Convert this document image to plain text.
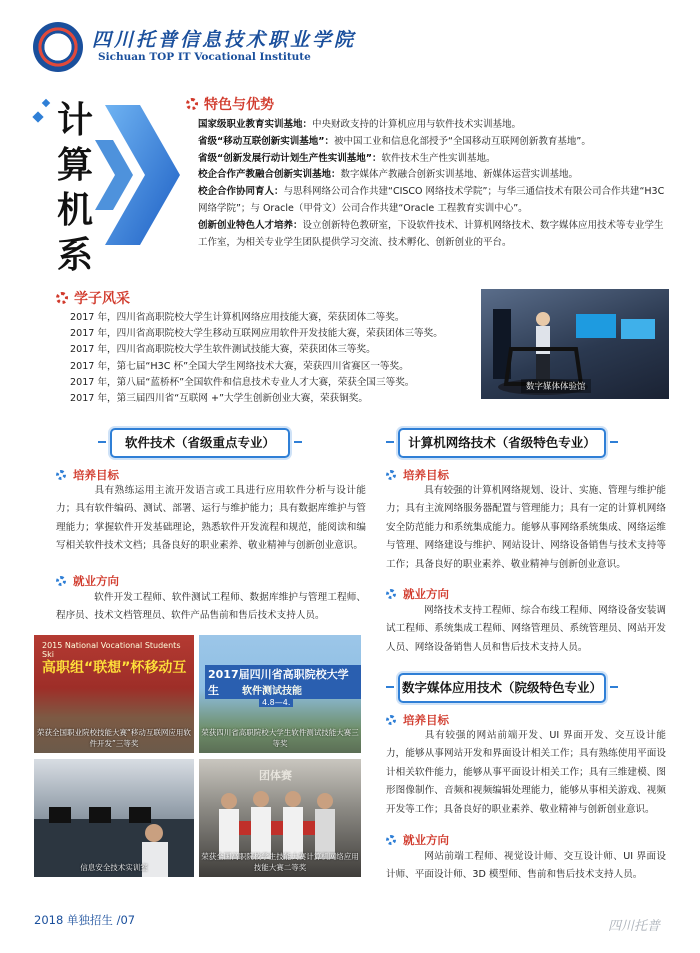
四川托普信息技术职业学院
Sichuan TOP IT Vocational Institute
计
算
机
系
特色与优势

国家级职业教育实训基地：中央财政支持的计算机应用与软件技术实训基地。

省级“移动互联创新实训基地”：被中国工业和信息化部授予“全国移动互联网创新教育基地”。

省级“创新发展行动计划生产性实训基地”：软件技术生产性实训基地。

校企合作产教融合创新实训基地：数字媒体产教融合创新实训基地、新媒体运营实训基地。

校企合作协同育人：与思科网络公司合作共建“CISCO 网络技术学院”；与华三通信技术有限公司合作共建“H3C 网络学院”；与 Oracle（甲骨文）公司合作共建“Oracle 工程教育实训中心”。

创新创业特色人才培养：设立创新特色教研室，下设软件技术、计算机网络技术、数字媒体应用技术等专业学生工作室，为相关专业学生团队提供学习交流、技术孵化、创新创业的平台。

学子风采

2017 年，四川省高职院校大学生计算机网络应用技能大赛，荣获团体二等奖。

2017 年，四川省高职院校大学生移动互联网应用软件开发技能大赛，荣获团体三等奖。

2017 年，四川省高职院校大学生软件测试技能大赛，荣获团体三等奖。

2017 年，第七届“H3C 杯”全国大学生网络技术大赛，荣获四川省赛区一等奖。

2017 年，第八届“蓝桥杯”全国软件和信息技术专业人才大赛，荣获全国三等奖。

2017 年，第三届四川省“互联网 +”大学生创新创业大赛，荣获铜奖。

数字媒体体验馆
软件技术（省级重点专业）
培养目标
具有熟练运用主流开发语言或工具进行应用软件分析与设计能力；具有软件编码、测试、部署、运行与维护能力；具有数据库维护与管理能力；掌握软件开发基础理论，熟悉软件开发流程和规范，能阅读和编写相关软件技术文档；具备良好的职业素养、敬业精神与创新创业意识。
就业方向
软件开发工程师、软件测试工程师、数据库维护与管理工程师、程序员、技术文档管理员、软件产品售前和售后技术支持人员。
2015 National Vocational Students Ski
高职组“联想”杯移动互
荣获全国职业院校技能大赛“移动互联网应用软件开发”三等奖
2017届四川省高职院校大学生	软件测试技能
4.8—4.
荣获四川省高职院校大学生软件测试技能大赛三等奖
信息安全技术实训室
团体赛
荣获全国高职院校学生技能大赛计算机网络应用技能大赛二等奖
计算机网络技术（省级特色专业）
培养目标
具有较强的计算机网络规划、设计、实施、管理与维护能力；具有主流网络服务器配置与管理能力；具有一定的计算机网络安全防范能力和系统集成能力。能够从事网络系统集成、网络运维与管理、网络建设与维护、网站设计、网络设备销售与技术支持等工作；具备良好的职业素养、敬业精神与创新创业意识。
就业方向
网络技术支持工程师、综合布线工程师、网络设备安装调试工程师、系统集成工程师、网络管理员、系统管理员、网站开发人员、网络设备销售人员和售后技术支持人员。
数字媒体应用技术（院级特色专业）
培养目标
具有较强的网站前端开发、UI 界面开发、交互设计能力，能够从事网站开发和界面设计相关工作；具有熟练使用平面设计相关软件能力，能够从事平面设计相关工作；具有三维建模、图形图像制作、音频和视频编辑处理能力，能够从事相关游戏、视频开发等工作；具备良好的职业素养、敬业精神与创新创业意识。
就业方向
网站前端工程师、视觉设计师、交互设计师、UI 界面设计师、平面设计师、3D 模型师、售前和售后技术支持人员。
2018 单独招生 /07	四川托普
